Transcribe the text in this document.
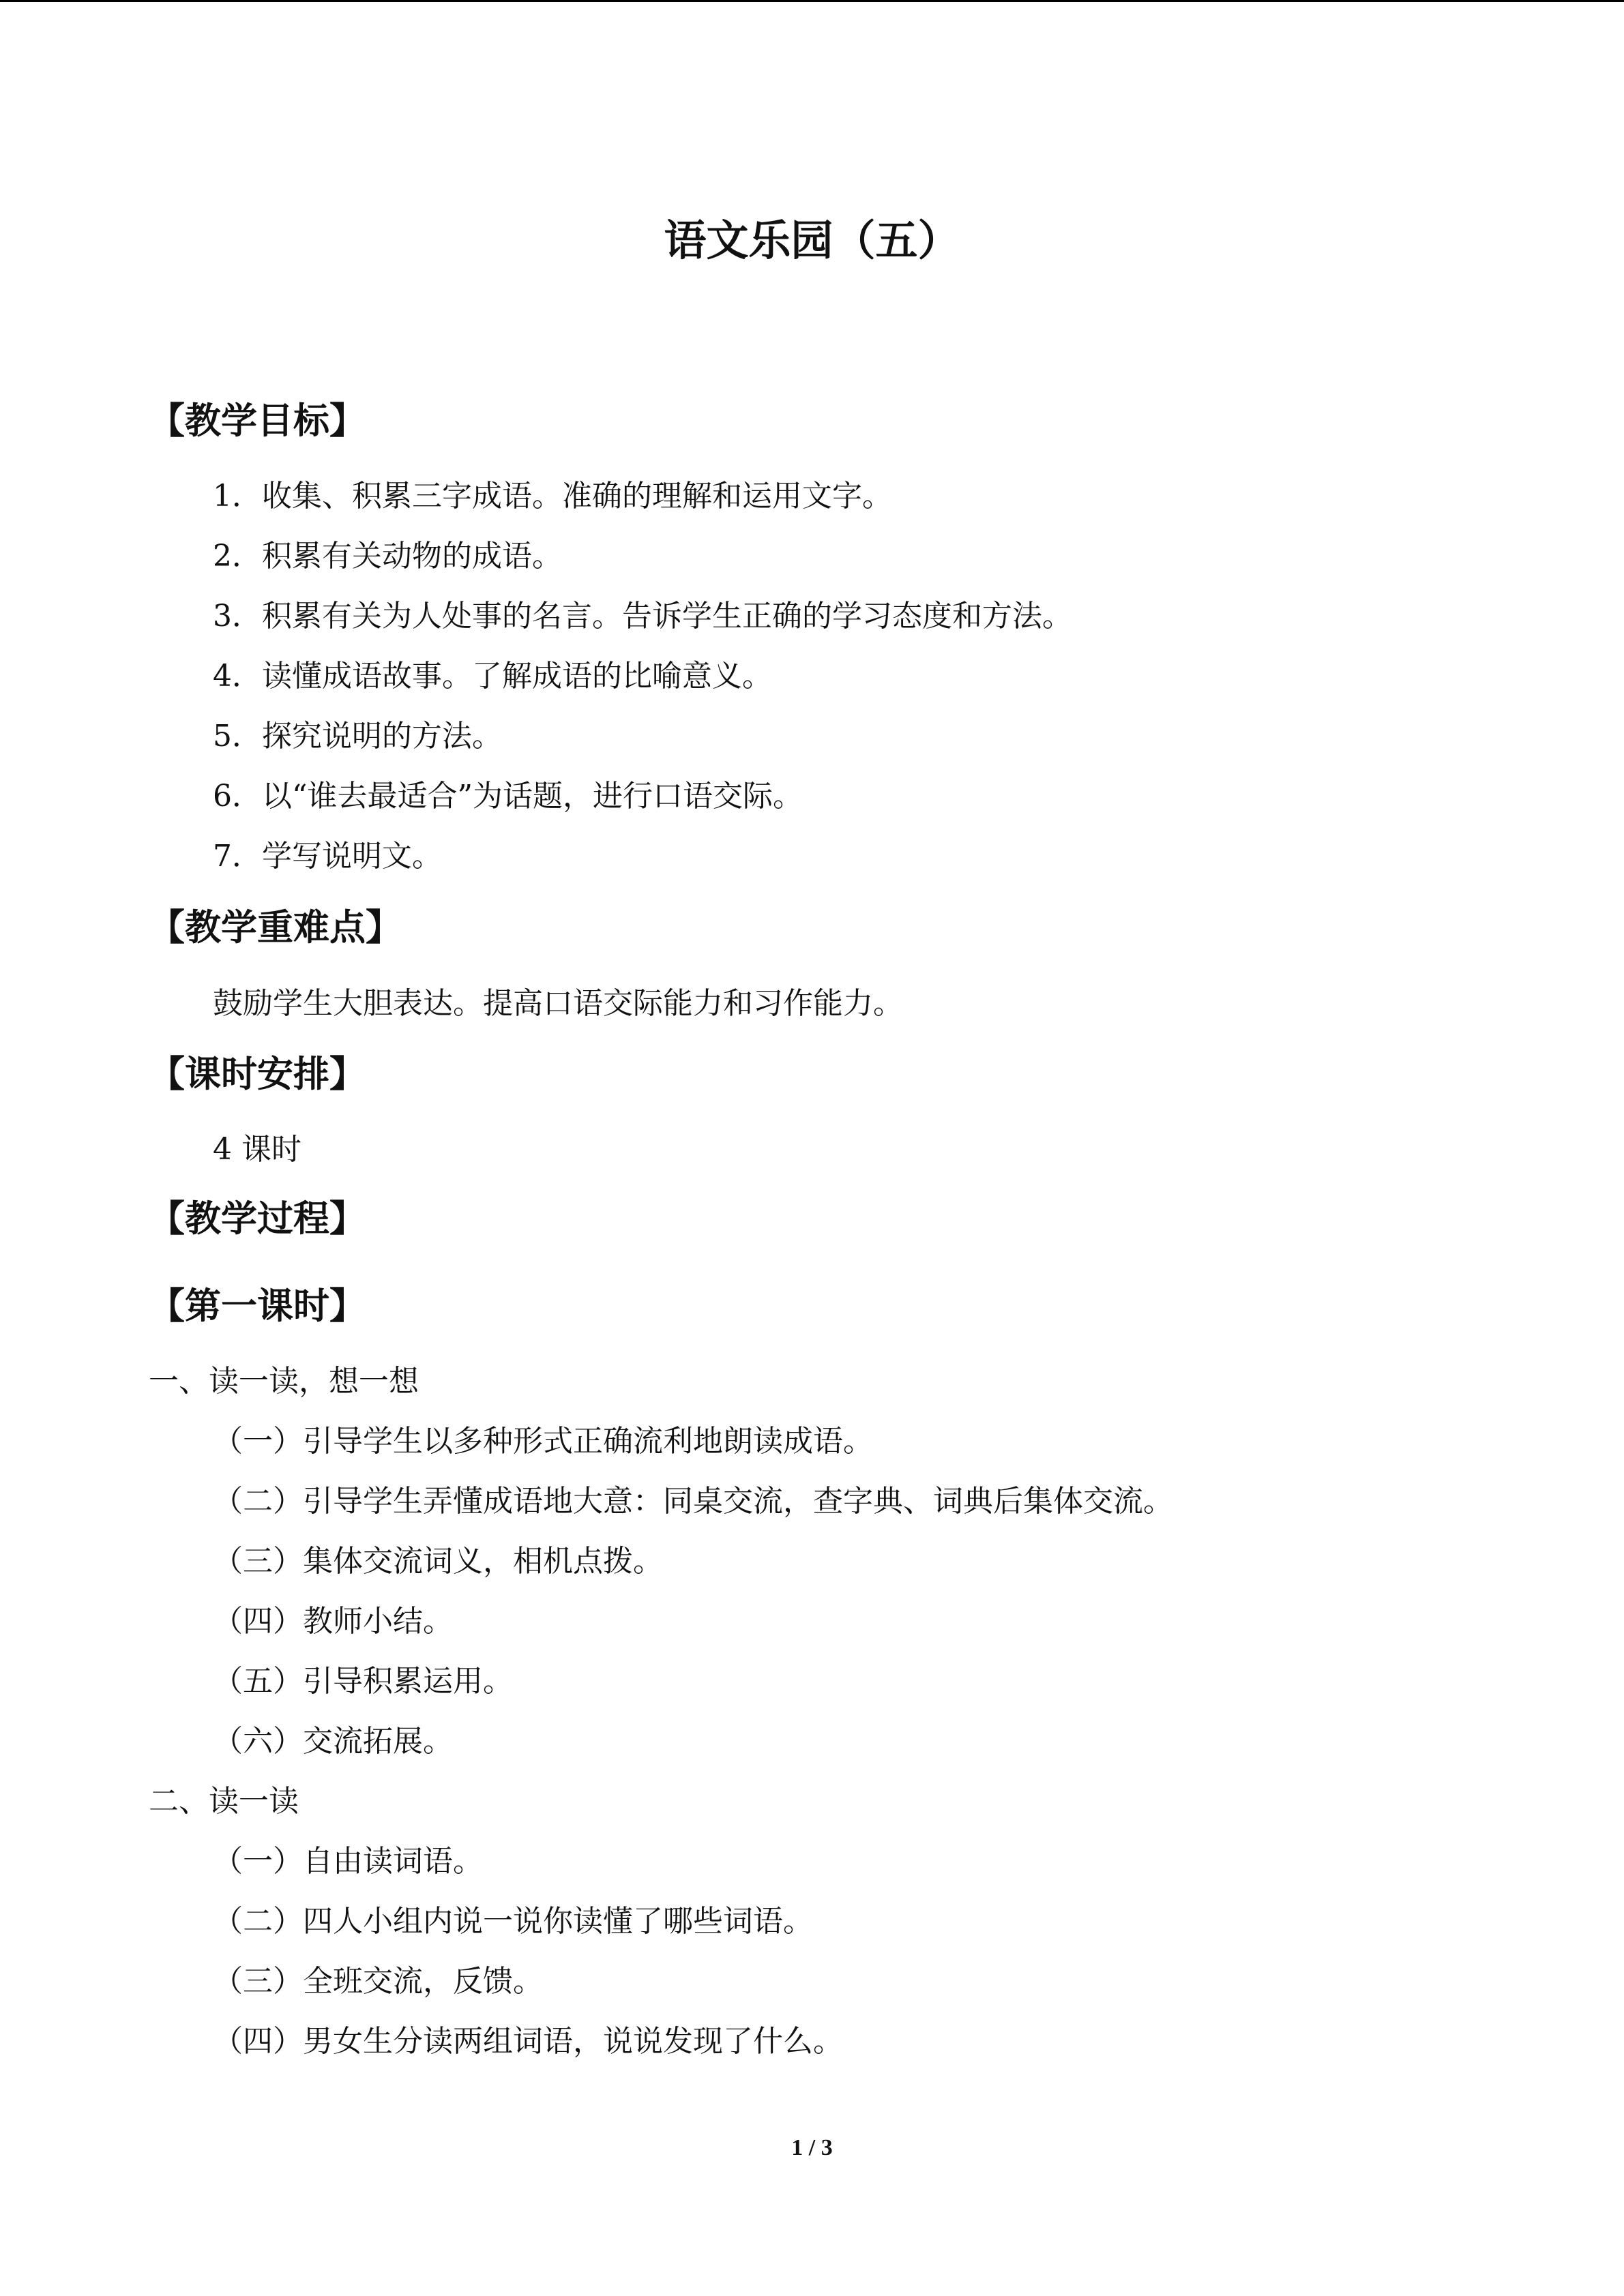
语文乐园（五）
【教学目标】
1．收集、积累三字成语。准确的理解和运用文字。
2．积累有关动物的成语。
3．积累有关为人处事的名言。告诉学生正确的学习态度和方法。
4．读懂成语故事。了解成语的比喻意义。
5．探究说明的方法。
6．以“谁去最适合”为话题，进行口语交际。
7．学写说明文。
【教学重难点】
鼓励学生大胆表达。提高口语交际能力和习作能力。
【课时安排】
4 课时
【教学过程】
【第一课时】
一、读一读，想一想
（一）引导学生以多种形式正确流利地朗读成语。
（二）引导学生弄懂成语地大意：同桌交流，查字典、词典后集体交流。
（三）集体交流词义，相机点拨。
（四）教师小结。
（五）引导积累运用。
（六）交流拓展。
二、读一读
（一）自由读词语。
（二）四人小组内说一说你读懂了哪些词语。
（三）全班交流，反馈。
（四）男女生分读两组词语，说说发现了什么。
1 / 3
